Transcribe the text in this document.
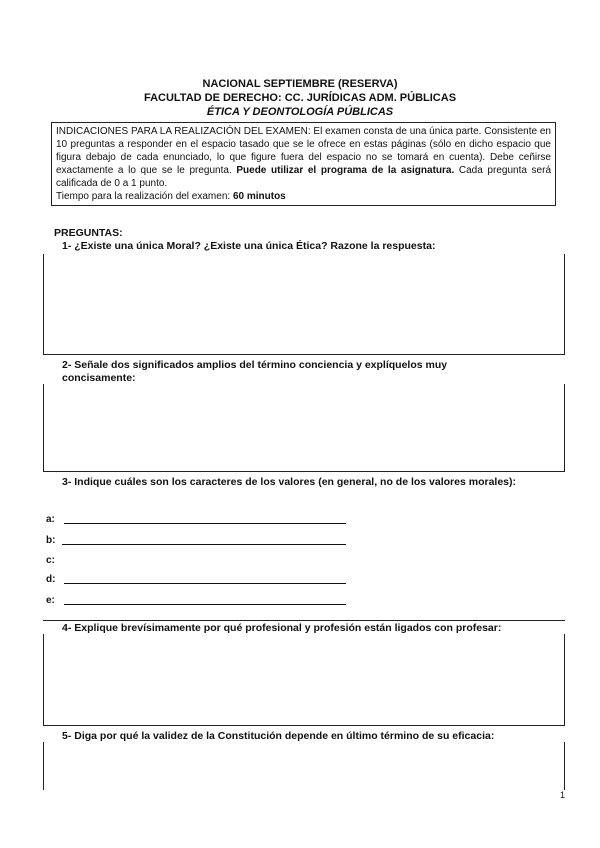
NACIONAL SEPTIEMBRE (RESERVA)
FACULTAD DE DERECHO: CC. JURÍDICAS ADM. PÚBLICAS
ÉTICA Y DEONTOLOGÍA PÚBLICAS
INDICACIONES PARA LA REALIZACIÓN DEL EXAMEN: El examen consta de una única parte. Consistente en 10 preguntas a responder en el espacio tasado que se le ofrece en estas páginas (sólo en dicho espacio que figura debajo de cada enunciado, lo que figure fuera del espacio no se tomará en cuenta). Debe ceñirse exactamente a lo que se le pregunta. Puede utilizar el programa de la asignatura. Cada pregunta será calificada de 0 a 1 punto.
Tiempo para la realización del examen: 60 minutos
PREGUNTAS:
1- ¿Existe una única Moral? ¿Existe una única Ética? Razone la respuesta:
2- Señale dos significados amplios del término conciencia y explíquelos muy concisamente:
3- Indique cuáles son los caracteres de los valores (en general, no de los valores morales):
a:
b:
c:
d:
e:
4- Explique brevísimamente por qué profesional y profesión están ligados con profesar:
5- Diga por qué la validez de la Constitución depende en último término de su eficacia:
1
